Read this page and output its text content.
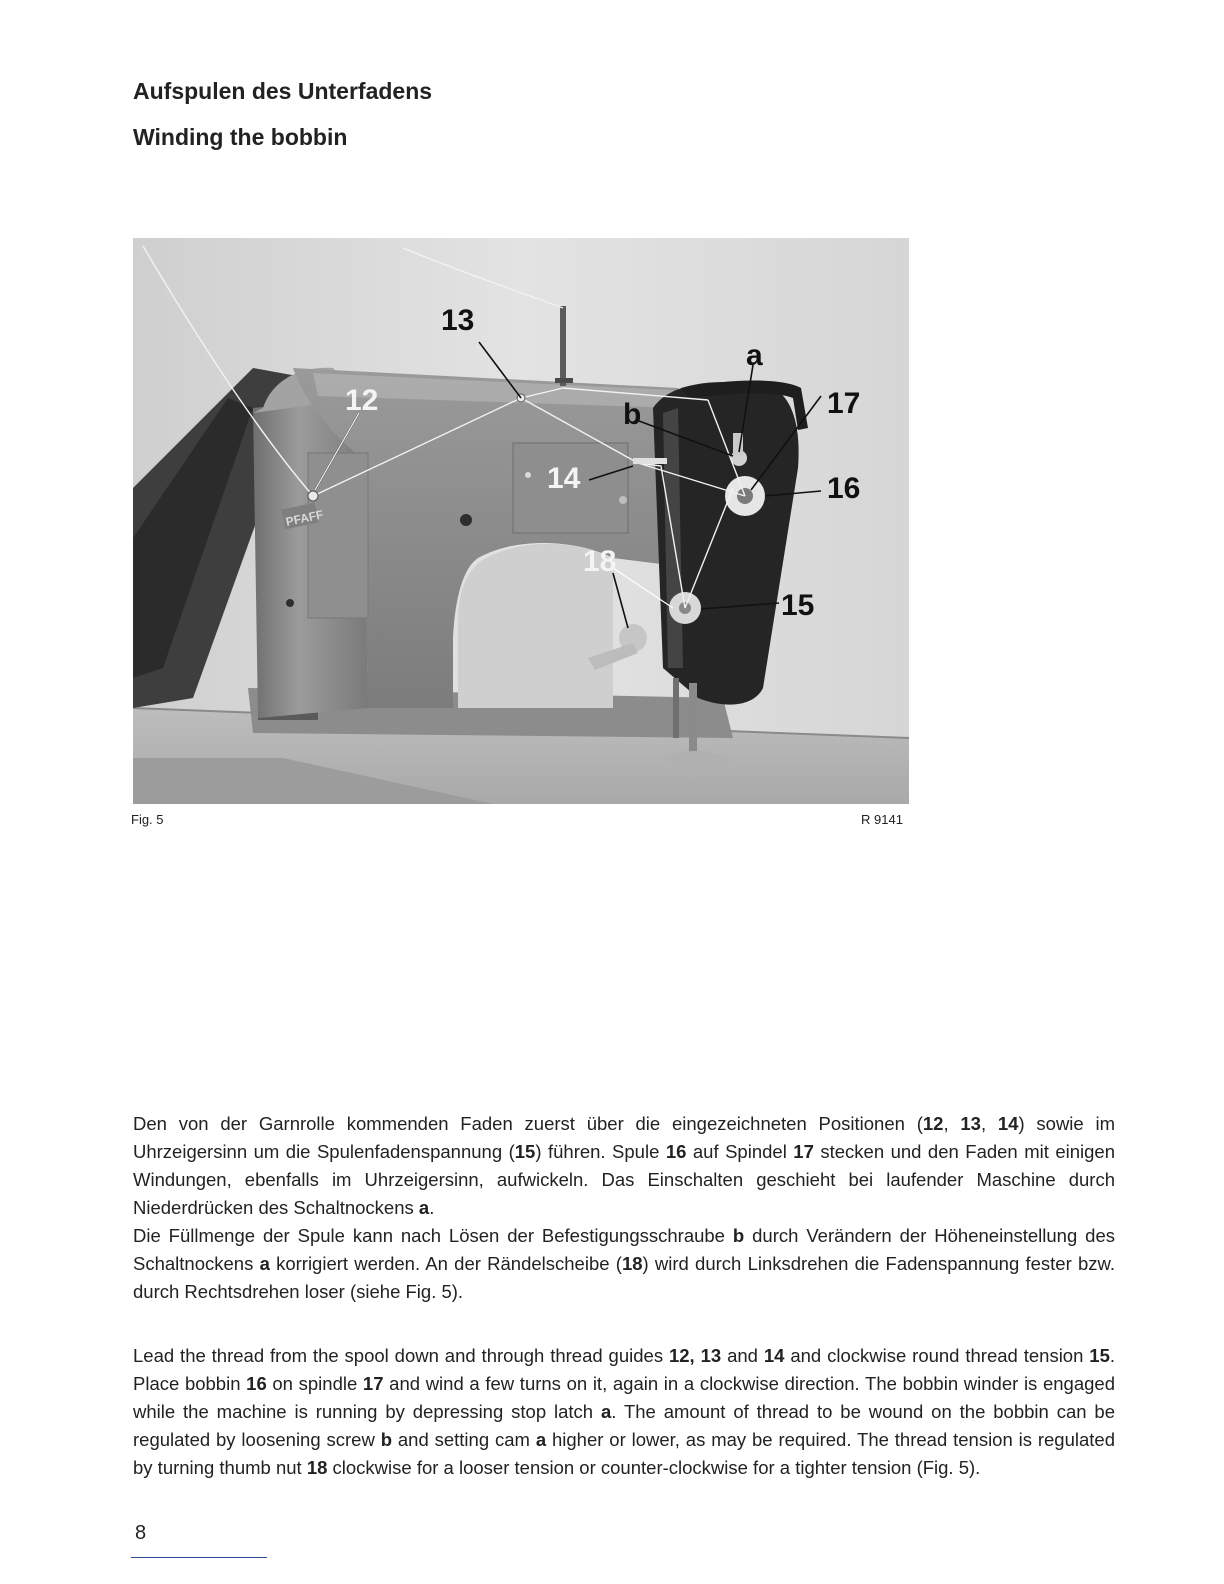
Aufspulen des Unterfadens
Winding the bobbin
PFAFF
13
12
a
b	17
16
14
18
15
Fig. 5	R 9141

Den von der Garnrolle kommenden Faden zuerst über die eingezeichneten Positionen (12, 13, 14) sowie im Uhrzeigersinn um die Spulenfadenspannung (15) führen. Spule 16 auf Spindel 17 stecken und den Faden mit einigen Windungen, ebenfalls im Uhrzeigersinn, aufwickeln. Das Einschalten geschieht bei laufender Maschine durch Niederdrücken des Schaltnockens a.
Die Füllmenge der Spule kann nach Lösen der Befestigungsschraube b durch Verändern der Höheneinstellung des Schaltnockens a korrigiert werden. An der Rändelscheibe (18) wird durch Linksdrehen die Fadenspannung fester bzw. durch Rechtsdrehen loser (siehe Fig. 5).

Lead the thread from the spool down and through thread guides 12, 13 and 14 and clockwise round thread tension 15. Place bobbin 16 on spindle 17 and wind a few turns on it, again in a clockwise direction. The bobbin winder is engaged while the machine is running by depressing stop latch a. The amount of thread to be wound on the bobbin can be regulated by loosening screw b and setting cam a higher or lower, as may be required. The thread tension is regulated by turning thumb nut 18 clockwise for a looser tension or counter-clockwise for a tighter tension (Fig. 5).

8
